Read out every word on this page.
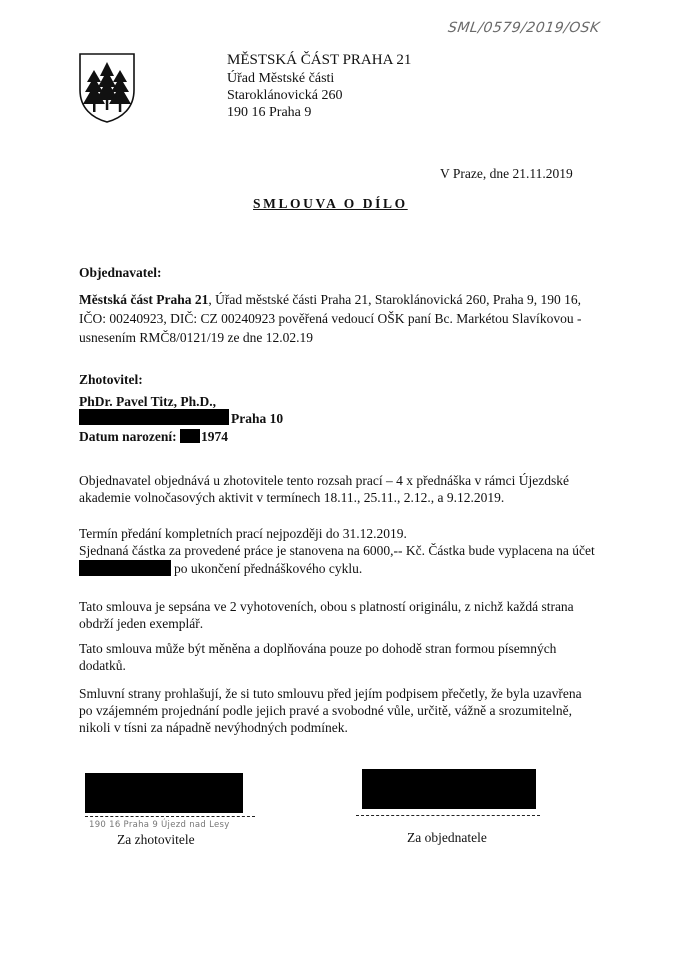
SML/0579/2019/OSK
MĚSTSKÁ ČÁST PRAHA 21
Úřad Městské části
Staroklánovická 260
190 16 Praha 9
V Praze, dne 21.11.2019
SMLOUVA O DÍLO
Objednavatel:
Městská část Praha 21, Úřad městské části Praha 21, Staroklánovická 260, Praha 9, 190 16,
IČO: 00240923, DIČ: CZ 00240923 pověřená vedoucí OŠK paní Bc. Markétou Slavíkovou -
usnesením RMČ8/0121/19 ze dne 12.02.19
Zhotovitel:
PhDr. Pavel Titz, Ph.D.,
Praha 10
Datum narození: 1974
Objednavatel objednává u zhotovitele tento rozsah prací – 4 x přednáška v rámci Újezdské
akademie volnočasových aktivit v termínech 18.11., 25.11., 2.12., a 9.12.2019.
Termín předání kompletních prací nejpozději do 31.12.2019.
Sjednaná částka za provedené práce je stanovena na 6000,-- Kč. Částka bude vyplacena na účet
po ukončení přednáškového cyklu.
Tato smlouva je sepsána ve 2 vyhotoveních, obou s platností originálu, z nichž každá strana
obdrží jeden exemplář.
Tato smlouva může být měněna a doplňována pouze po dohodě stran formou písemných
dodatků.
Smluvní strany prohlašují, že si tuto smlouvu před jejím podpisem přečetly, že byla uzavřena
po vzájemném projednání podle jejich pravé a svobodné vůle, určitě, vážně a srozumitelně,
nikoli v tísni za nápadně nevýhodných podmínek.
190 16 Praha 9 Újezd nad Lesy
Za zhotovitele	Za objednatele
